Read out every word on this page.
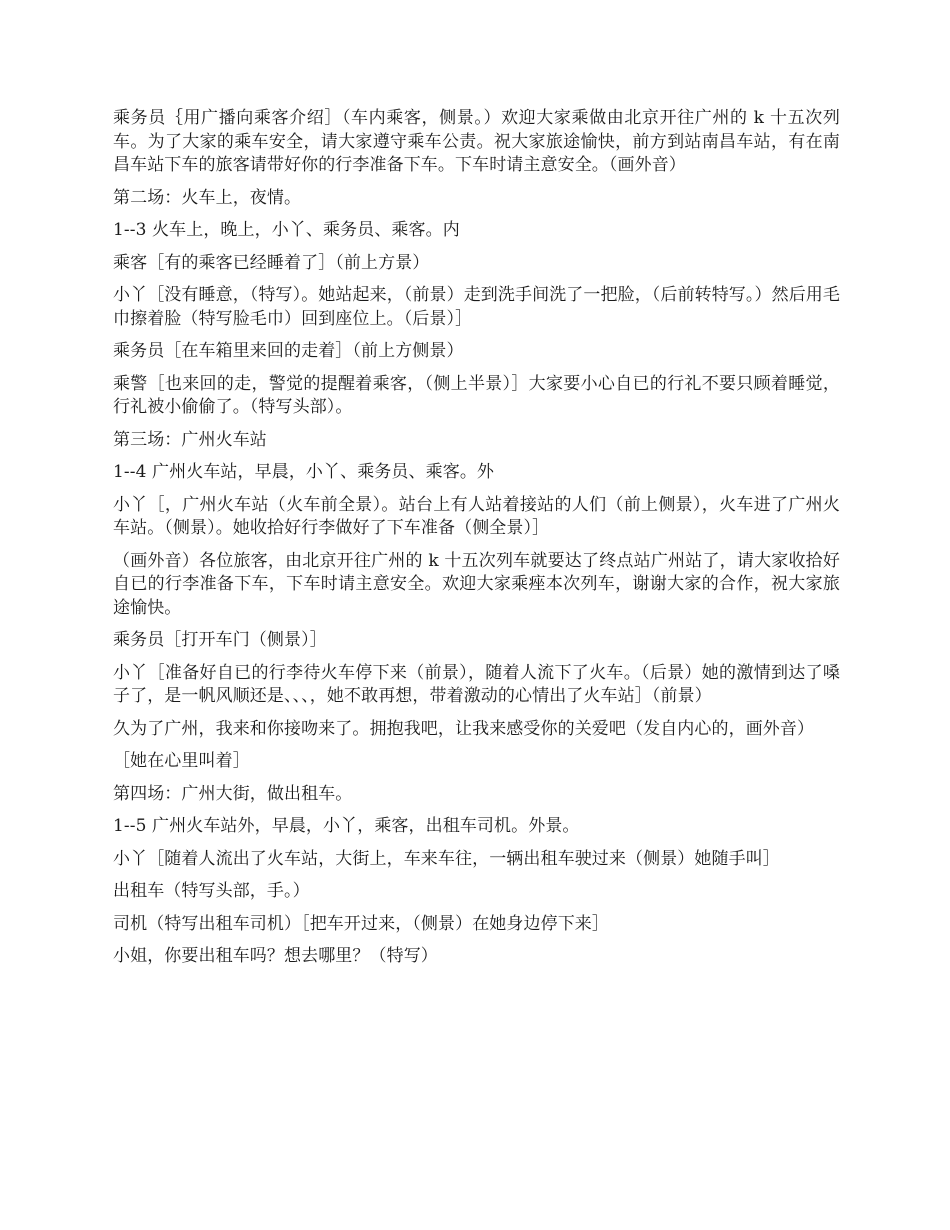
乘务员｛用广播向乘客介绍］（车内乘客，侧景。）欢迎大家乘做由北京开往广州的 k 十五次列车。为了大家的乘车安全，请大家遵守乘车公责。祝大家旅途愉快，前方到站南昌车站，有在南昌车站下车的旅客请带好你的行李准备下车。下车时请主意安全。（画外音）

第二场：火车上，夜情。

1--3 火车上，晚上，小丫、乘务员、乘客。内

乘客［有的乘客已经睡着了］（前上方景）

小丫［没有睡意，（特写）。她站起来，（前景）走到洗手间洗了一把脸，（后前转特写。）然后用毛巾擦着脸（特写脸毛巾）回到座位上。（后景）］

乘务员［在车箱里来回的走着］（前上方侧景）

乘警［也来回的走，警觉的提醒着乘客，（侧上半景）］大家要小心自已的行礼不要只顾着睡觉，行礼被小偷偷了。（特写头部）。

第三场：广州火车站

1--4 广州火车站，早晨，小丫、乘务员、乘客。外

小丫［，广州火车站（火车前全景）。站台上有人站着接站的人们（前上侧景），火车进了广州火车站。（侧景）。她收拾好行李做好了下车准备（侧全景）］

（画外音）各位旅客，由北京开往广州的 k 十五次列车就要达了终点站广州站了，请大家收拾好自已的行李准备下车，下车时请主意安全。欢迎大家乘痤本次列车，谢谢大家的合作，祝大家旅途愉快。

乘务员［打开车门（侧景）］

小丫［准备好自已的行李待火车停下来（前景），随着人流下了火车。（后景）她的激情到达了嗓子了，是一帆风顺还是、、、，她不敢再想，带着激动的心情出了火车站］（前景）

久为了广州，我来和你接吻来了。拥抱我吧，让我来感受你的关爱吧（发自内心的，画外音）

［她在心里叫着］

第四场：广州大街，做出租车。

1--5 广州火车站外，早晨，小丫，乘客，出租车司机。外景。

小丫［随着人流出了火车站，大街上，车来车往，一辆出租车驶过来（侧景）她随手叫］

出租车（特写头部，手。）

司机（特写出租车司机）［把车开过来，（侧景）在她身边停下来］

小姐，你要出租车吗？想去哪里？（特写）
